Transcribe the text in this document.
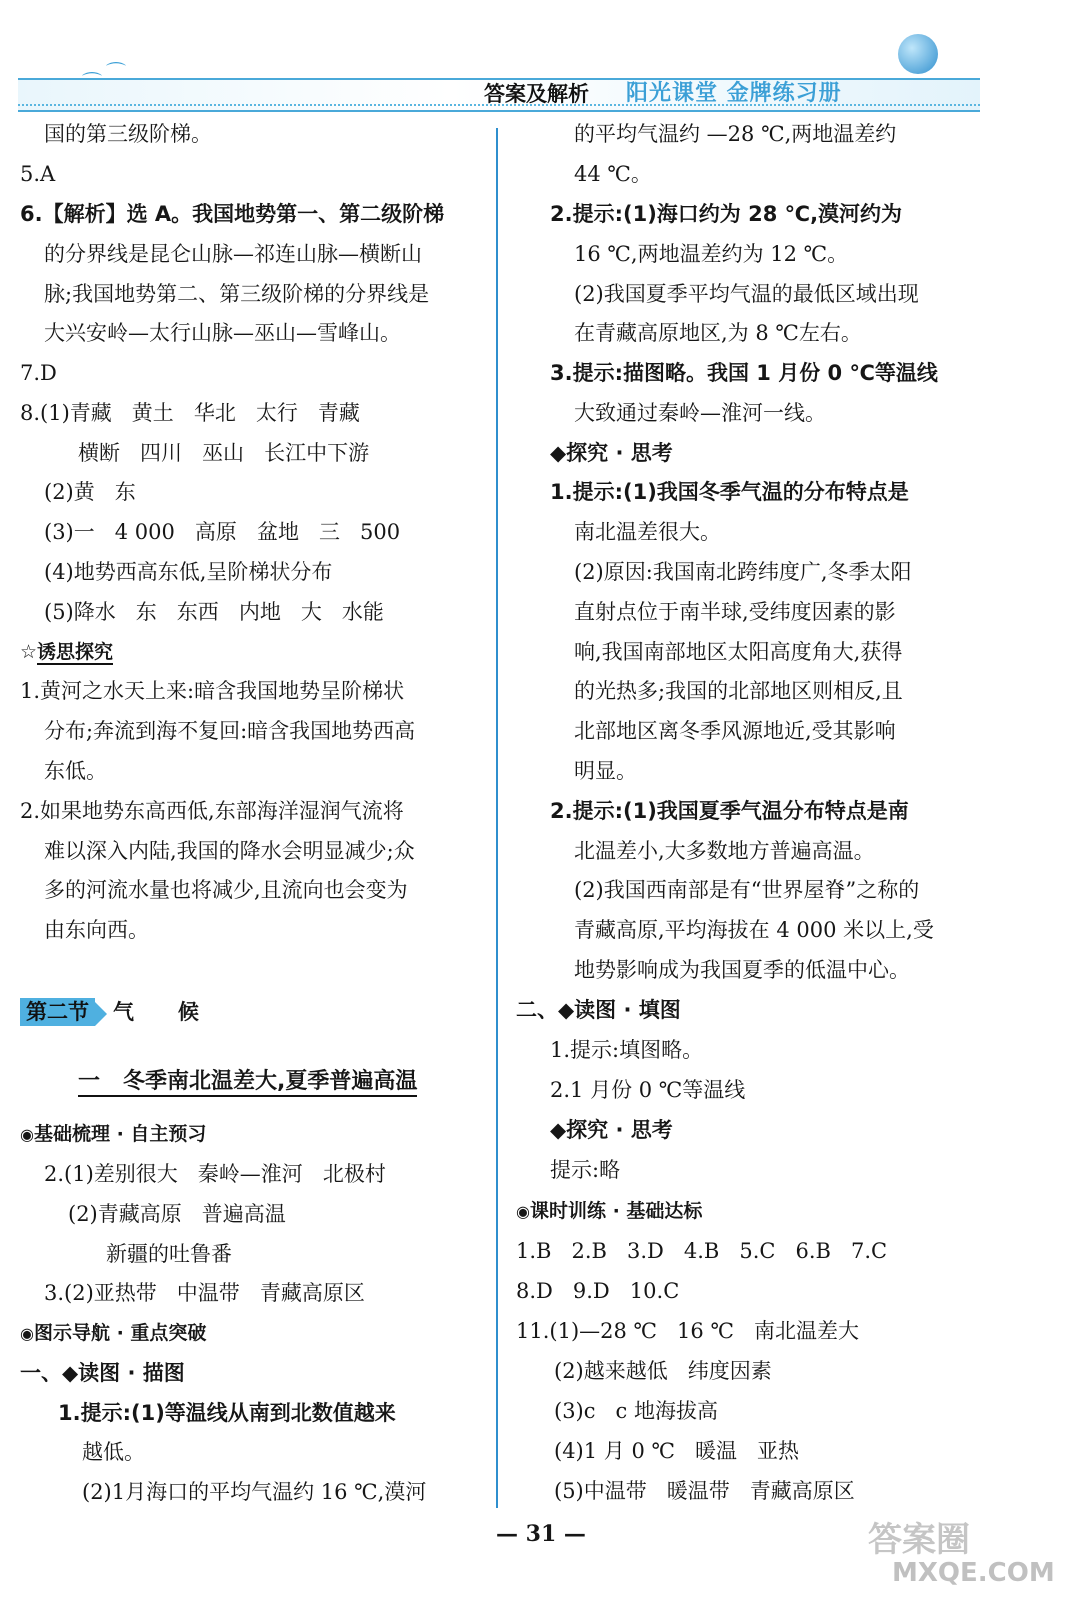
⌒ ⌒
答案及解析 阳光课堂 金牌练习册
国的第三级阶梯。
5.A
6.【解析】选 A。我国地势第一、第二级阶梯
的分界线是昆仑山脉—祁连山脉—横断山
脉;我国地势第二、第三级阶梯的分界线是
大兴安岭—太行山脉—巫山—雪峰山。
7.D
8.(1)青藏   黄土   华北   太行   青藏
横断   四川   巫山   长江中下游
(2)黄   东
(3)一   4 000   高原   盆地   三   500
(4)地势西高东低,呈阶梯状分布
(5)降水   东   东西   内地   大   水能
☆诱思探究
1.黄河之水天上来:暗含我国地势呈阶梯状
分布;奔流到海不复回:暗含我国地势西高
东低。
2.如果地势东高西低,东部海洋湿润气流将
难以深入内陆,我国的降水会明显减少;众
多的河流水量也将减少,且流向也会变为
由东向西。
第二节 气      候
一   冬季南北温差大,夏季普遍高温
◉基础梳理 · 自主预习
2.(1)差别很大   秦岭—淮河   北极村
(2)青藏高原   普遍高温
新疆的吐鲁番
3.(2)亚热带   中温带   青藏高原区
◉图示导航 · 重点突破
一、◆读图 · 描图
1.提示:(1)等温线从南到北数值越来
越低。
(2)1月海口的平均气温约 16 ℃,漠河
的平均气温约 —28 ℃,两地温差约
44 ℃。
2.提示:(1)海口约为 28 ℃,漠河约为
16 ℃,两地温差约为 12 ℃。
(2)我国夏季平均气温的最低区域出现
在青藏高原地区,为 8 ℃左右。
3.提示:描图略。我国 1 月份 0 ℃等温线
大致通过秦岭—淮河一线。
◆探究 · 思考
1.提示:(1)我国冬季气温的分布特点是
南北温差很大。
(2)原因:我国南北跨纬度广,冬季太阳
直射点位于南半球,受纬度因素的影
响,我国南部地区太阳高度角大,获得
的光热多;我国的北部地区则相反,且
北部地区离冬季风源地近,受其影响
明显。
2.提示:(1)我国夏季气温分布特点是南
北温差小,大多数地方普遍高温。
(2)我国西南部是有“世界屋脊”之称的
青藏高原,平均海拔在 4 000 米以上,受
地势影响成为我国夏季的低温中心。
二、◆读图 · 填图
1.提示:填图略。
2.1 月份 0 ℃等温线
◆探究 · 思考
提示:略
◉课时训练 · 基础达标
1.B   2.B   3.D   4.B   5.C   6.B   7.C
8.D   9.D   10.C
11.(1)—28 ℃   16 ℃   南北温差大
(2)越来越低   纬度因素
(3)c   c 地海拔高
(4)1 月 0 ℃   暖温   亚热
(5)中温带   暖温带   青藏高原区
— 31 —	答案圈
MXQE.COM
